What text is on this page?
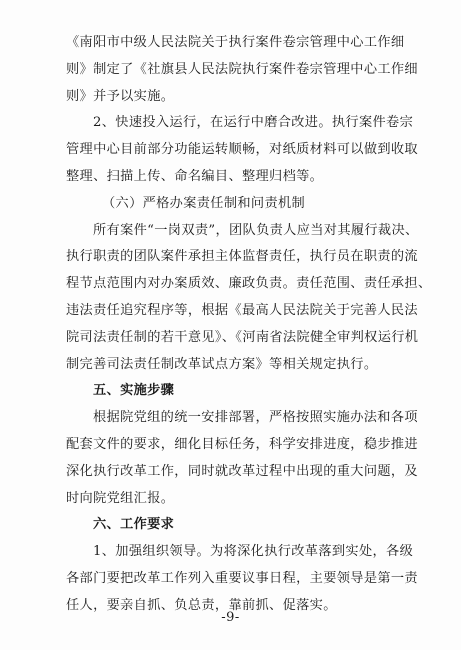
《南阳市中级人民法院关于执行案件卷宗管理中心工作细
则》制定了《社旗县人民法院执行案件卷宗管理中心工作细
则》并予以实施。
2、快速投入运行，在运行中磨合改进。执行案件卷宗
管理中心目前部分功能运转顺畅，对纸质材料可以做到收取
整理、扫描上传、命名编目、整理归档等。
（六）严格办案责任制和问责机制
所有案件“一岗双责”，团队负责人应当对其履行裁决、
执行职责的团队案件承担主体监督责任，执行员在职责的流
程节点范围内对办案质效、廉政负责。责任范围、责任承担、
违法责任追究程序等，根据《最高人民法院关于完善人民法
院司法责任制的若干意见》、《河南省法院健全审判权运行机
制完善司法责任制改革试点方案》等相关规定执行。
五、实施步骤
根据院党组的统一安排部署，严格按照实施办法和各项
配套文件的要求，细化目标任务，科学安排进度，稳步推进
深化执行改革工作，同时就改革过程中出现的重大问题，及
时向院党组汇报。
六、工作要求
1、加强组织领导。为将深化执行改革落到实处，各级
各部门要把改革工作列入重要议事日程，主要领导是第一责
任人，要亲自抓、负总责，靠前抓、促落实。
-9-
